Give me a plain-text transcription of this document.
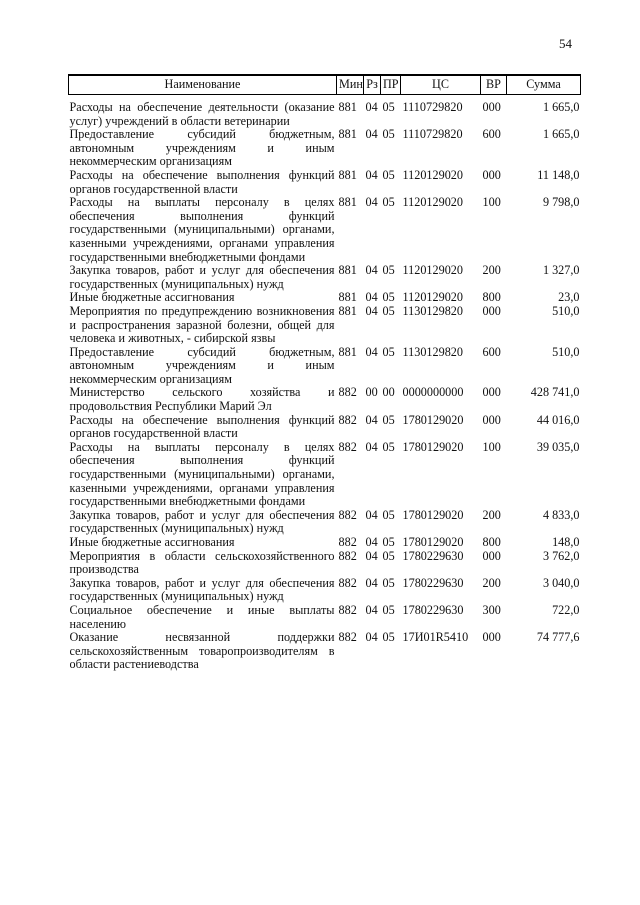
54
Наименование	Мин	Рз	ПР	ЦС	ВР	Сумма
Расходы на обеспечение деятельности (оказание услуг) учреждений в области ветеринарии	881	04	05	1110729820	000	1 665,0
Предоставление субсидий бюджетным, автономным учреждениям и иным некоммерческим организациям	881	04	05	1110729820	600	1 665,0
Расходы на обеспечение выполнения функций органов государственной власти	881	04	05	1120129020	000	11 148,0
Расходы на выплаты персоналу в целях обеспечения выполнения функций государственными (муниципальными) органами, казенными учреждениями, органами управления государственными внебюджетными фондами	881	04	05	1120129020	100	9 798,0
Закупка товаров, работ и услуг для обеспечения государственных (муниципальных) нужд	881	04	05	1120129020	200	1 327,0
Иные бюджетные ассигнования	881	04	05	1120129020	800	23,0
Мероприятия по предупреждению возникновения и распространения заразной болезни, общей для человека и животных, - сибирской язвы	881	04	05	1130129820	000	510,0
Предоставление субсидий бюджетным, автономным учреждениям и иным некоммерческим организациям	881	04	05	1130129820	600	510,0
Министерство сельского хозяйства и продовольствия Республики Марий Эл	882	00	00	0000000000	000	428 741,0
Расходы на обеспечение выполнения функций органов государственной власти	882	04	05	1780129020	000	44 016,0
Расходы на выплаты персоналу в целях обеспечения выполнения функций государственными (муниципальными) органами, казенными учреждениями, органами управления государственными внебюджетными фондами	882	04	05	1780129020	100	39 035,0
Закупка товаров, работ и услуг для обеспечения государственных (муниципальных) нужд	882	04	05	1780129020	200	4 833,0
Иные бюджетные ассигнования	882	04	05	1780129020	800	148,0
Мероприятия в области сельскохозяйственного производства	882	04	05	1780229630	000	3 762,0
Закупка товаров, работ и услуг для обеспечения государственных (муниципальных) нужд	882	04	05	1780229630	200	3 040,0
Социальное обеспечение и иные выплаты населению	882	04	05	1780229630	300	722,0
Оказание несвязанной поддержки сельскохозяйственным товаропроизводителям в области растениеводства	882	04	05	17И01R5410	000	74 777,6
